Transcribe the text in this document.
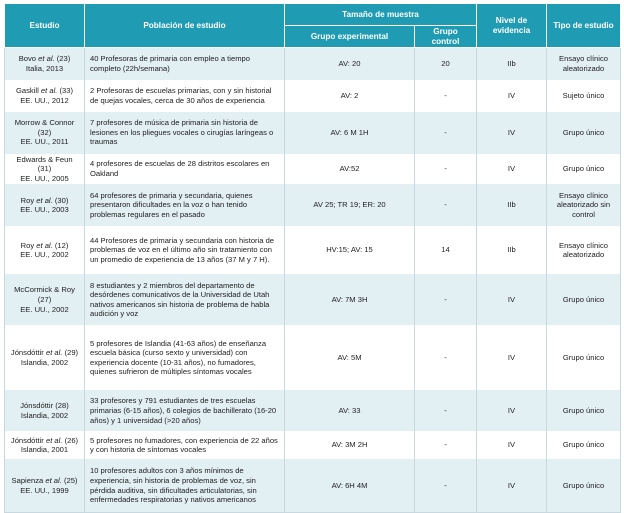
Estudio	Población de estudio	Tamaño de muestra		Nivel de
evidencia	Tipo de estudio
		Grupo experimental	Grupo
control		
Bovo et al. (23)
Italia, 2013	40 Profesoras de primaria con empleo a tiempo completo (22h/semana)	AV: 20	20	IIb	Ensayo clínico aleatorizado
Gaskill et al. (33)
EE. UU., 2012	2 Profesoras de escuelas primarias, con y sin historial de quejas vocales, cerca de 30 años de experiencia	AV: 2	-	IV	Sujeto único
Morrow & Connor (32)
EE. UU., 2011	7 profesores de música de primaria sin historia de lesiones en los pliegues vocales o cirugías laríngeas o traumas	AV: 6 M 1H	-	IV	Grupo único
Edwards & Feun (31)
EE. UU., 2005	4 profesores de escuelas de 28 distritos escolares en Oakland	AV:52	-	IV	Grupo único
Roy et al. (30)
EE. UU., 2003	64 profesores de primaria y secundaria, quienes presentaron dificultades en la voz o han tenido problemas regulares en el pasado	AV 25; TR 19; ER: 20	-	IIb	Ensayo clínico aleatorizado sin control
Roy et al. (12)
EE. UU., 2002	44 Profesores de primaria y secundaria con historia de problemas de voz en el último año sin tratamiento con un promedio de experiencia de 13 años (37 M y 7 H).	HV:15; AV: 15	14	IIb	Ensayo clínico aleatorizado
McCormick & Roy (27)
EE. UU., 2002	8 estudiantes y 2 miembros del departamento de desórdenes comunicativos de la Universidad de Utah nativos americanos sin historia de problema de habla audición y voz	AV: 7M 3H	-	IV	Grupo único
Jónsdóttir et al. (29)
Islandia, 2002	5 profesores de Islandia (41-63 años) de enseñanza escuela básica (curso sexto y universidad) con experiencia docente (10-31 años), no fumadores, quienes sufrieron de múltiples síntomas vocales	AV: 5M	-	IV	Grupo único
Jónsdóttir (28)
Islandia, 2002	33 profesores y 791 estudiantes de tres escuelas primarias (6-15 años), 6 colegios de bachillerato (16-20 años) y 1 universidad (>20 años)	AV: 33	-	IV	Grupo único
Jónsdóttir et al. (26)
Islandia, 2001	5 profesores no fumadores, con experiencia de 22 años y con historia de síntomas vocales	AV: 3M 2H	-	IV	Grupo único
Sapienza et al. (25)
EE. UU., 1999	10 profesores adultos con 3 años mínimos de experiencia, sin historia de problemas de voz, sin pérdida auditiva, sin dificultades articulatorias, sin enfermedades respiratorias y nativos americanos	AV: 6H 4M	-	IV	Grupo único
